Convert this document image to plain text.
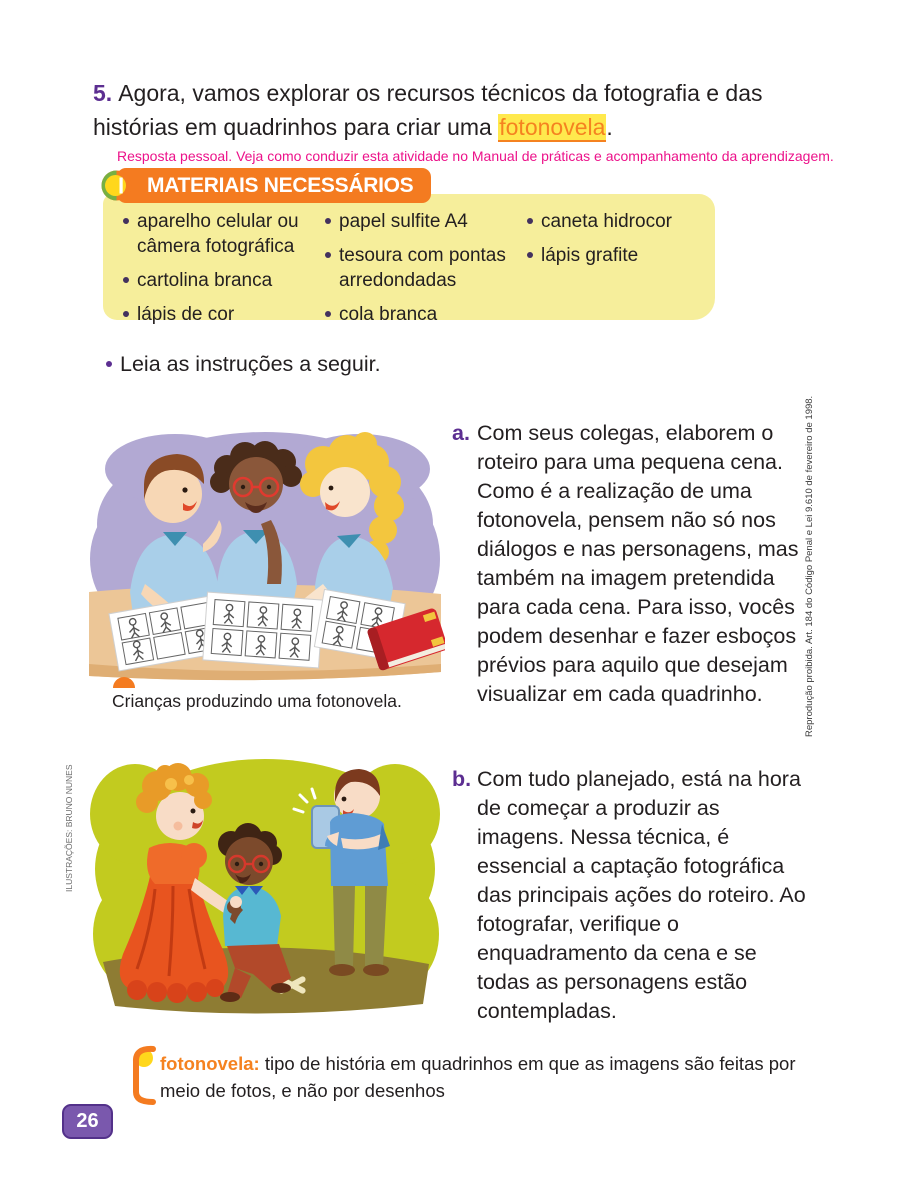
5. Agora, vamos explorar os recursos técnicos da fotografia e das histórias em quadrinhos para criar uma fotonovela.
Resposta pessoal. Veja como conduzir esta atividade no Manual de práticas e acompanhamento da aprendizagem.
MATERIAIS NECESSÁRIOS
aparelho celular ou câmera fotográfica
cartolina branca
lápis de cor
papel sulfite A4
tesoura com pontas arredondadas
cola branca
caneta hidrocor
lápis grafite
Leia as instruções a seguir.
Crianças produzindo uma fotonovela.
a. Com seus colegas, elaborem o roteiro para uma pequena cena. Como é a realização de uma fotonovela, pensem não só nos diálogos e nas personagens, mas também na imagem pretendida para cada cena. Para isso, vocês podem desenhar e fazer esboços prévios para aquilo que desejam visualizar em cada quadrinho.	Reprodução proibida. Art. 184 do Código Penal e Lei 9.610 de fevereiro de 1998.
ILUSTRAÇÕES: BRUNO NUNES	b. Com tudo planejado, está na hora de começar a produzir as imagens. Nessa técnica, é essencial a captação fotográfica das principais ações do roteiro. Ao fotografar, verifique o enquadramento da cena e se todas as personagens estão contempladas.
fotonovela: tipo de história em quadrinhos em que as imagens são feitas por meio de fotos, e não por desenhos
26
